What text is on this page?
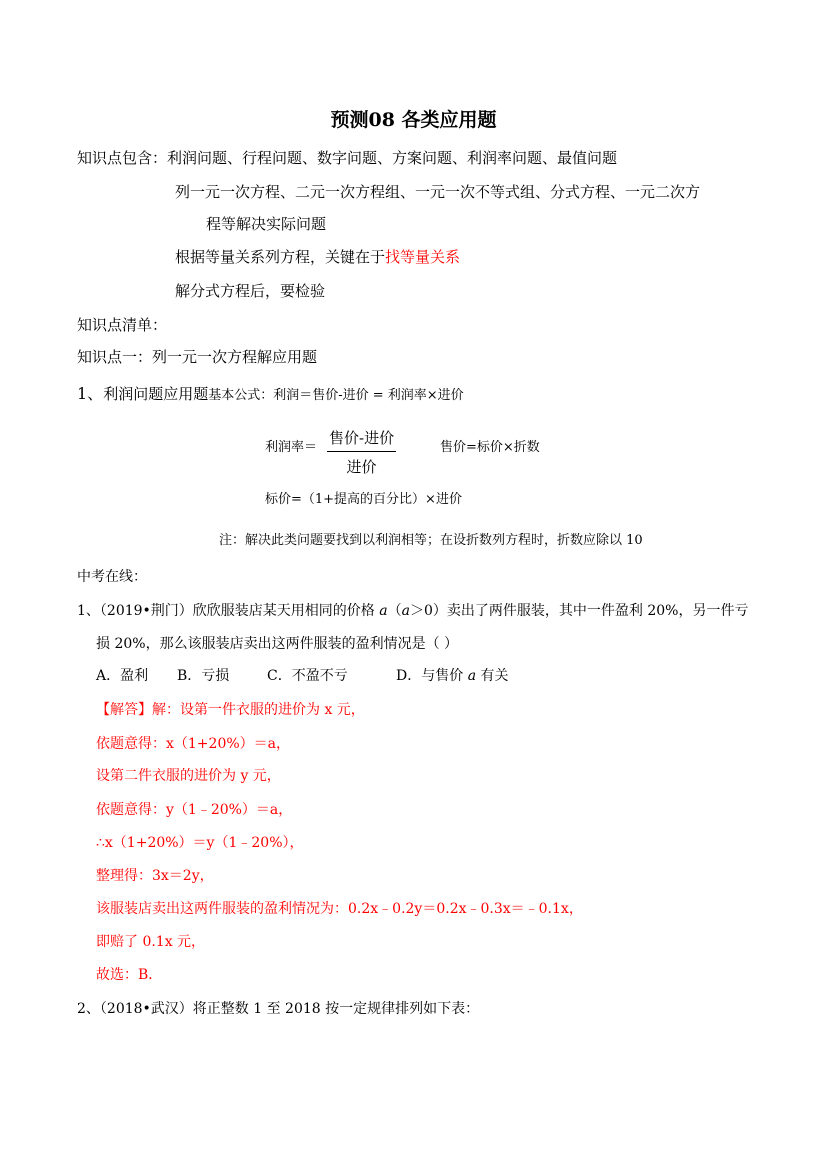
预测08 各类应用题
知识点包含：利润问题、行程问题、数字问题、方案问题、利润率问题、最值问题
列一元一次方程、二元一次方程组、一元一次不等式组、分式方程、一元二次方
程等解决实际问题
根据等量关系列方程，关键在于找等量关系
解分式方程后，要检验
知识点清单：
知识点一：列一元一次方程解应用题
1、利润问题应用题基本公式：利润＝售价-进价 = 利润率×进价
利润率＝
售价-进价
进价
售价=标价×折数
标价=（1+提高的百分比）×进价
注：解决此类问题要找到以利润相等；在设折数列方程时，折数应除以 10
中考在线：
1、（2019•荆门）欣欣服装店某天用相同的价格 a（a＞0）卖出了两件服装，其中一件盈利 20%，另一件亏
损 20%，那么该服装店卖出这两件服装的盈利情况是（ ）
A．盈利 B．亏损	C．不盈不亏	D．与售价 a 有关
【解答】解：设第一件衣服的进价为 x 元，
依题意得：x（1+20%）＝a，
设第二件衣服的进价为 y 元，
依题意得：y（1﹣20%）＝a，
∴x（1+20%）＝y（1﹣20%），
整理得：3x＝2y，
该服装店卖出这两件服装的盈利情况为：0.2x﹣0.2y＝0.2x﹣0.3x＝﹣0.1x，
即赔了 0.1x 元，
故选：B．
2、（2018•武汉）将正整数 1 至 2018 按一定规律排列如下表：
